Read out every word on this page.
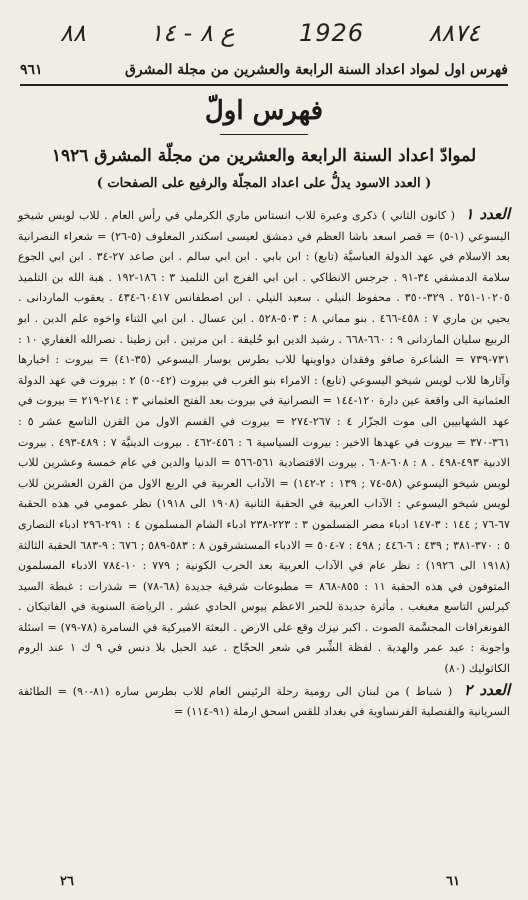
٨٨	ع ٨ - ١٤	1926	٨٨٧٤
فهرس اول لمواد اعداد السنة الرابعة والعشرين من مجلة المشرق
٩٦١
فهرس اولّ
لموادّ اعداد السنة الرابعة والعشرين من مجلّة المشرق ١٩٢٦
( العدد الاسود يدلُّ على اعداد المجلّة والرفيع على الصفحات )

العدد ١ ( كانون الثاني ) ذكرى وعبرة للاب انستاس ماري الكرملي في رأس العام . للاب لويس شيخو اليسوعي (١-٥) = قصر اسعد باشا العظم في دمشق لعيسى اسكندر المعلوف (٥-٢٦) = شعراء النصرانية بعد الاسلام في عهد الدولة العباسيَّة (تابع) : ابن بابي . ابن ابي سالم . ابن صاعد ٢٧-٣٤ . ابن ابي الجوع سلامة الدمشقي ٣٤-٩١ . جرجس الانطاكي . ابن ابي الفرج ابن التلميذ ٣ : ١٨٦-١٩٢ . هبة الله بن التلميذ ١٠٢٠٥-٢٥١ . ٣٢٩-٣٥٠ . محفوظ النيلي . سعيد النيلي . ابن اصطفانس ٦٠٤١٧-٤٣٤ . يعقوب الماردانى . يحيي بن ماري ٧ : ٤٥٨-٤٦٦ . بنو مماتي ٨ : ٥٠٣-٥٢٨ . ابن عسال . ابن ابي الثناء واخوه علم الدين . ابو الربيع سليان الماردانى ٩ : ٦٦٠-٦٦٨ . رشيد الدين ابو حُليقة . ابن مرتين . ابن زطينا . نصرالله الغفاري ١٠ : ٧٣١-٧٣٩ = الشاعرة صافو وفقدان دواوينها للاب بطرس بوسار اليسوعي (٣٥-٤١) = بيروت : اخبارها وآثارها للاب لويس شيخو اليسوعي (تابع) : الامراء بنو الغرب في بيروت (٤٢-٥٠) ٢ : بيروت في عهد الدولة العثمانية الى واقعة عين دارة ١٢٠-١٤٤ = النصرانية في بيروت بعد الفتح العثماني ٣ : ٢١٤-٢١٩ = بيروت في عهد الشهابيين الى موت الجزّار ٤ : ٢٦٧-٢٧٤ = بيروت في القسم الاول من القرن التاسع عشر ٥ : ٣٦١-٣٧٠ = بيروت في عهدها الاخير : بيروت السياسية ٦ : ٤٥٦-٤٦٢ . بيروت الدينيَّة ٧ : ٤٨٩-٤٩٣ . بيروت الادبية ٤٩٣-٤٩٨ . ٨ : ٦٠٨-٦٠٨ . بيروت الاقتصادية ٥٦١-٥٦٦ = الدنيا والدين في عام خمسة وعشرين للاب لويس شيخو اليسوعي (٥٨-٧٤ ; ١٣٩ : ٢-١٤٢) = الآداب العربية في الربع الاول من القرن العشرين للاب لويس شيخو اليسوعي : الآداب العربية في الحقبة الثانية (١٩٠٨ الى ١٩١٨) نظر عمومي في هذه الحقبة ٦٧-٧٦ ; ١٤٤ : ٣-١٤٧ ادباء مصر المسلمون ٣ : ٢٢٣-٢٣٨ ادباء الشام المسلمون ٤ : ٢٩١-٢٩٦ ادباء النصارى ٥ : ٣٧٠-٣٨١ ; ٤٣٩ : ٦-٤٤٦ ; ٤٩٨ : ٧-٥٠٤ = الادباء المستشرقون ٨ : ٥٨٣-٥٨٩ ; ٦٧٦ : ٩-٦٨٣ الحقبة الثالثة (١٩١٨ الى ١٩٢٦) : نظر عام في الآداب العربية بعد الحرب الكونية ; ٧٧٩ : ١٠-٧٨٤ الادباء المسلمون المتوفون في هذه الحقبة ١١ : ٨٥٥-٨٦٨ = مطبوعات شرقية جديدة (٦٨-٧٨) = شذرات : غبطة السيد كيرلس التاسع مغبغب . مأثرة جديدة للحبر الاعظم بيوس الحادي عشر . الرياضة السنوية في الفاتيكان . الفونغرافات المجسَّمة الصوت . اكبر نيزك وقع على الارض . البعثة الاميركية في السامرة (٧٨-٧٩) = اسئلة واجوبة : عيد عمر والهدية . لفظة الشِّبر في شعر الحجّاج . عيد الحبل بلا دنس في ٩ ك ١ عند الروم الكاثوليك (٨٠)

العدد ٢ ( شباط ) من لبنان الى رومية رحلة الرئيس العام للاب بطرس ساره (٨١-٩٠) = الطائفة السريانية والقنصلية الفرنساوية في بغداد للقس اسحق ارملة (٩١-١١٤) =

٢٦	٦١
